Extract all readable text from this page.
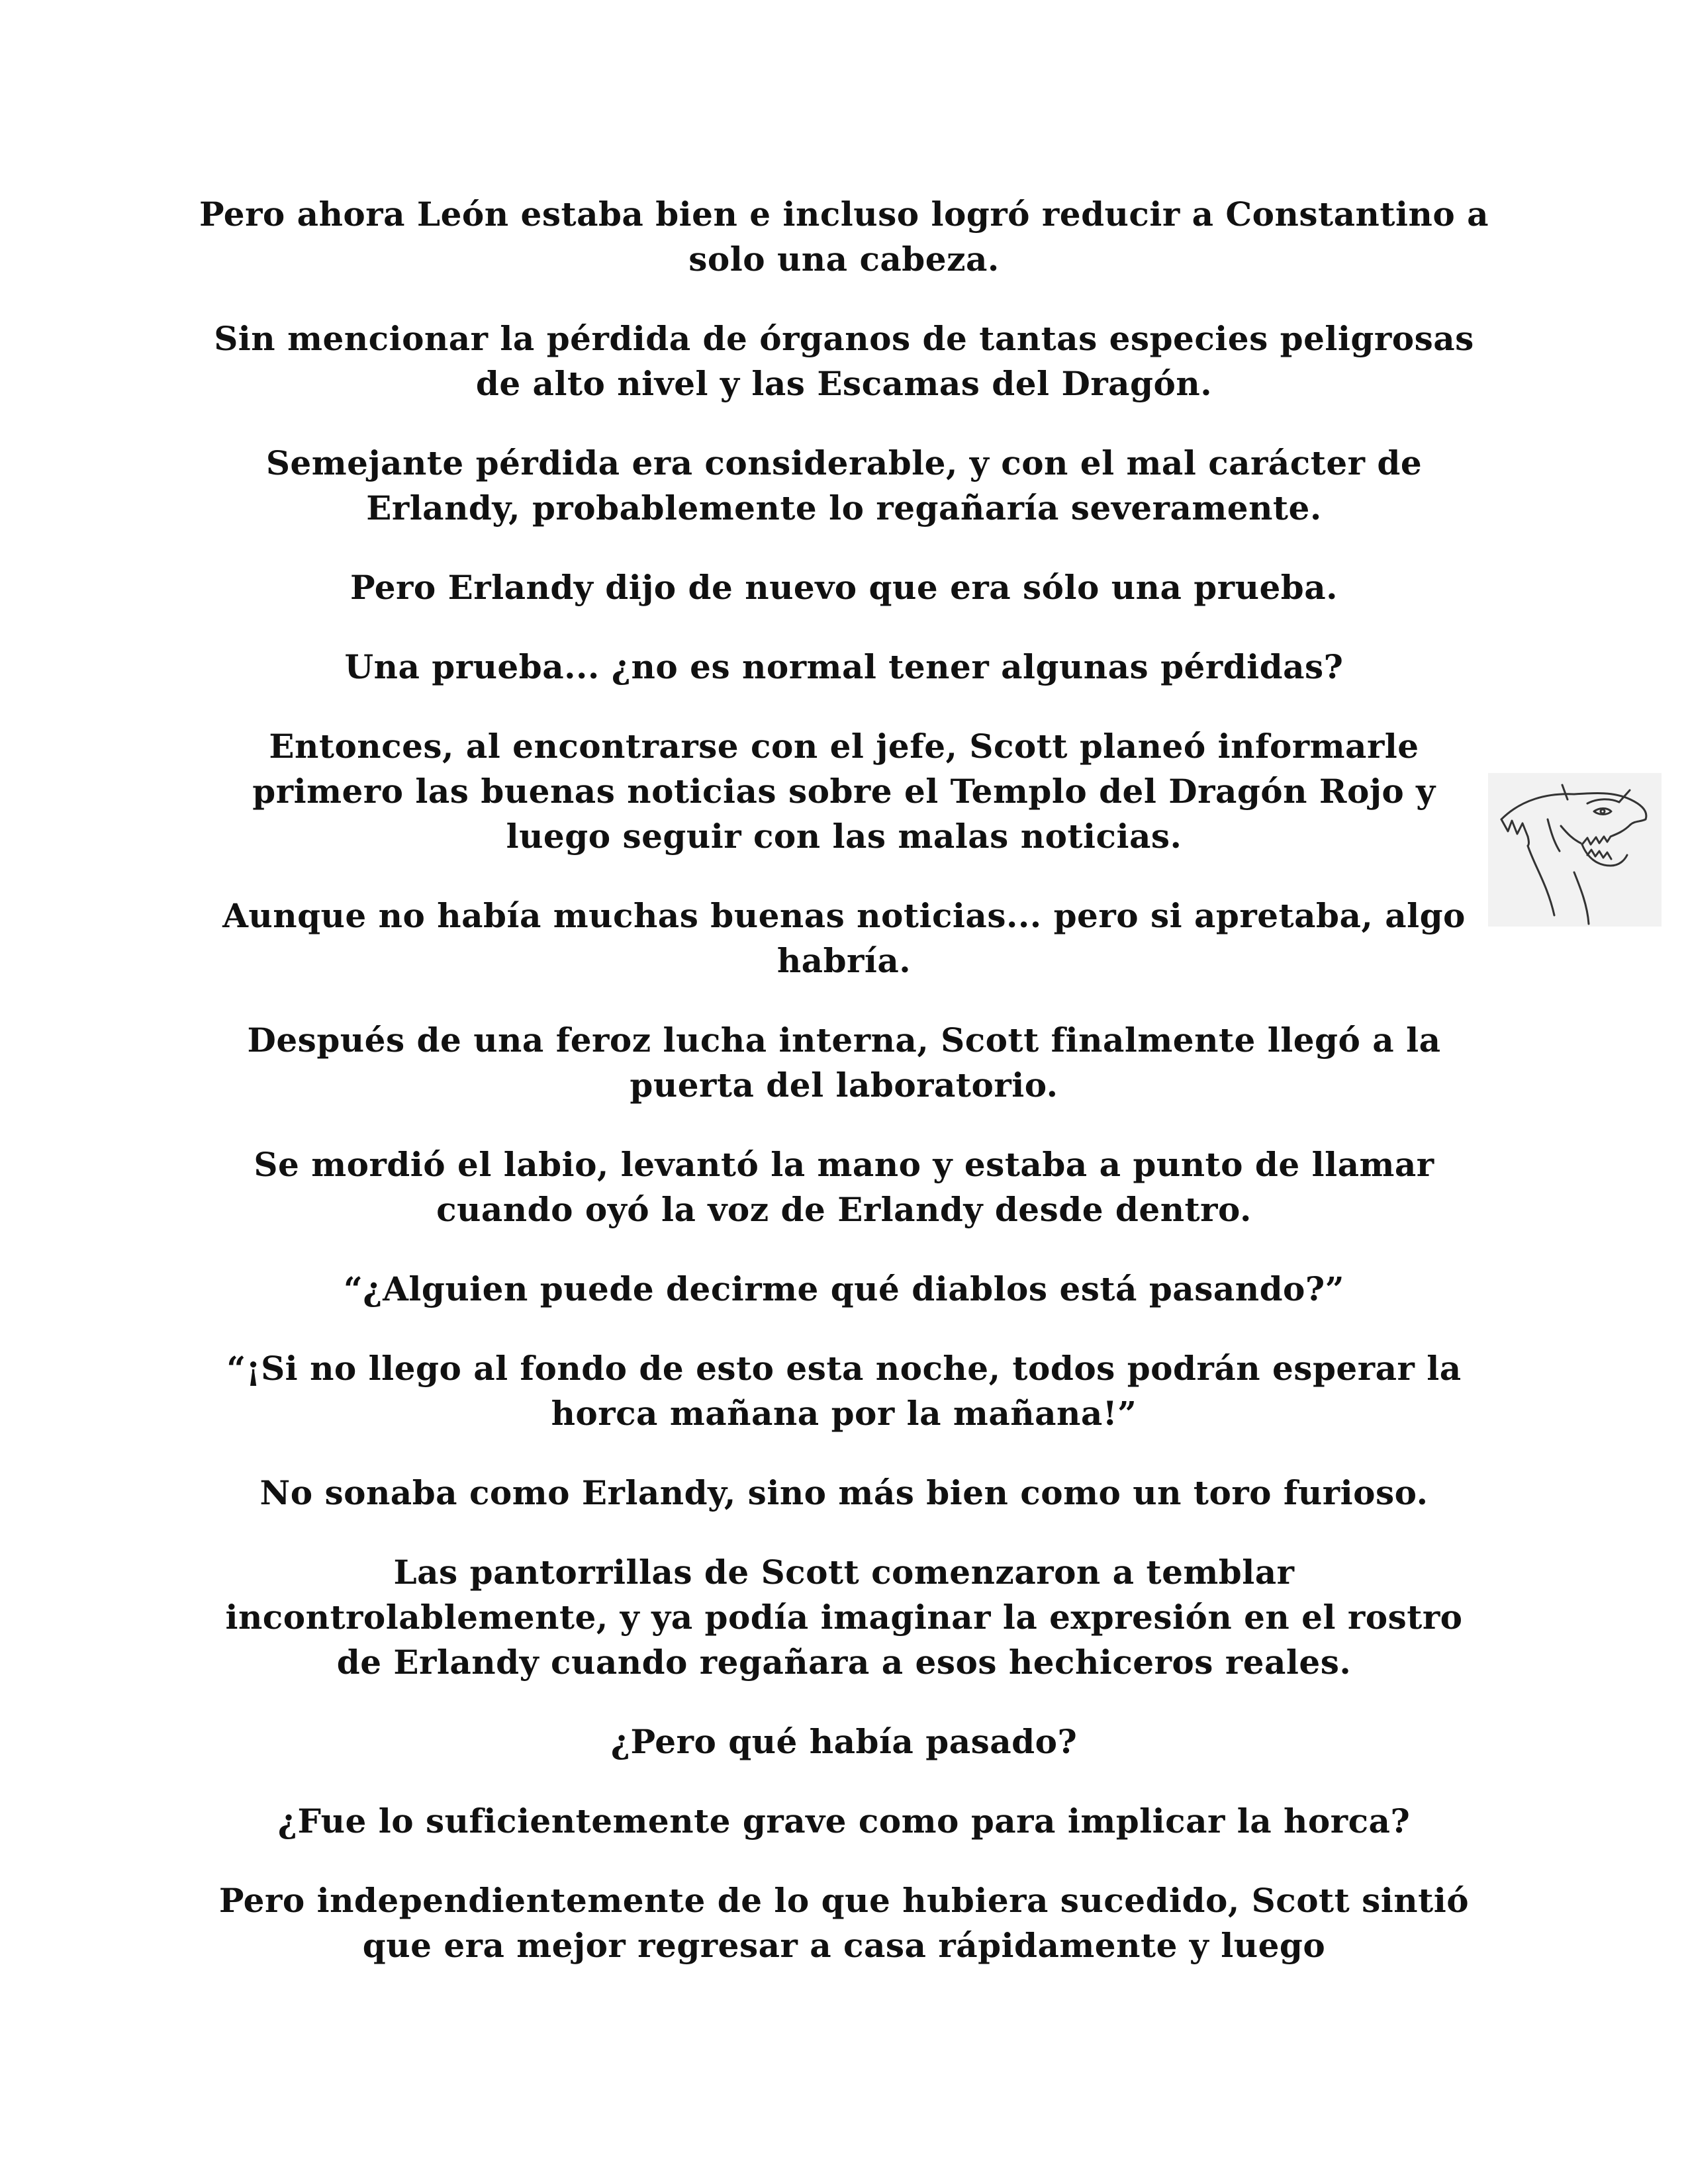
Pero ahora León estaba bien e incluso logró reducir a Constantino a solo una cabeza.

Sin mencionar la pérdida de órganos de tantas especies peligrosas de alto nivel y las Escamas del Dragón.

Semejante pérdida era considerable, y con el mal carácter de Erlandy, probablemente lo regañaría severamente.

Pero Erlandy dijo de nuevo que era sólo una prueba.

Una prueba... ¿no es normal tener algunas pérdidas?

Entonces, al encontrarse con el jefe, Scott planeó informarle primero las buenas noticias sobre el Templo del Dragón Rojo y luego seguir con las malas noticias.

Aunque no había muchas buenas noticias... pero si apretaba, algo habría.

Después de una feroz lucha interna, Scott finalmente llegó a la puerta del laboratorio.

Se mordió el labio, levantó la mano y estaba a punto de llamar cuando oyó la voz de Erlandy desde dentro.

“¿Alguien puede decirme qué diablos está pasando?”

“¡Si no llego al fondo de esto esta noche, todos podrán esperar la horca mañana por la mañana!”

No sonaba como Erlandy, sino más bien como un toro furioso.

Las pantorrillas de Scott comenzaron a temblar incontrolablemente, y ya podía imaginar la expresión en el rostro de Erlandy cuando regañara a esos hechiceros reales.

¿Pero qué había pasado?

¿Fue lo suficientemente grave como para implicar la horca?

Pero independientemente de lo que hubiera sucedido, Scott sintió que era mejor regresar a casa rápidamente y luego
